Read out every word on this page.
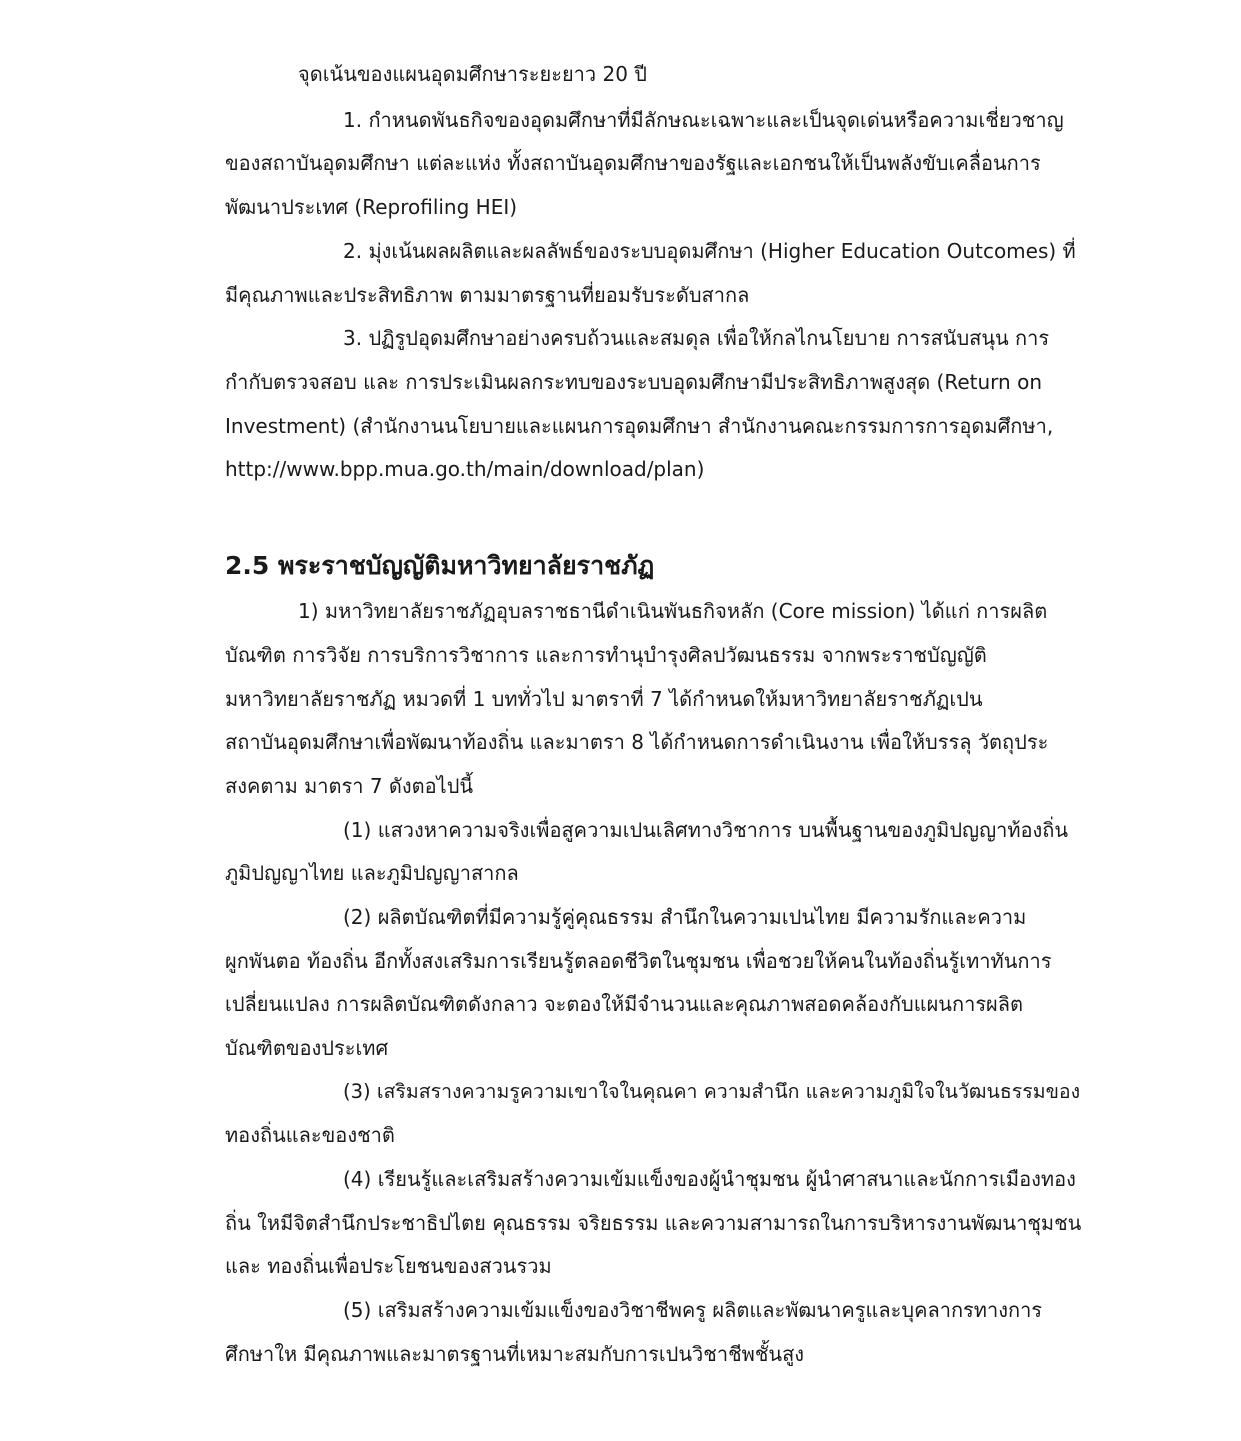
จุดเน้นของแผนอุดมศึกษาระยะยาว 20 ปี
1. กำหนดพันธกิจของอุดมศึกษาที่มีลักษณะเฉพาะและเป็นจุดเด่นหรือความเชี่ยวชาญ
ของสถาบันอุดมศึกษา แต่ละแห่ง ทั้งสถาบันอุดมศึกษาของรัฐและเอกชนให้เป็นพลังขับเคลื่อนการ
พัฒนาประเทศ (Reprofiling HEI)
2. มุ่งเน้นผลผลิตและผลลัพธ์ของระบบอุดมศึกษา (Higher Education Outcomes) ที่
มีคุณภาพและประสิทธิภาพ ตามมาตรฐานที่ยอมรับระดับสากล
3. ปฏิรูปอุดมศึกษาอย่างครบถ้วนและสมดุล เพื่อให้กลไกนโยบาย การสนับสนุน การ
กำกับตรวจสอบ และ การประเมินผลกระทบของระบบอุดมศึกษามีประสิทธิภาพสูงสุด (Return on
Investment) (สำนักงานนโยบายและแผนการอุดมศึกษา สำนักงานคณะกรรมการการอุดมศึกษา,
http://www.bpp.mua.go.th/main/download/plan)
2.5 พระราชบัญญัติมหาวิทยาลัยราชภัฏ
1) มหาวิทยาลัยราชภัฏอุบลราชธานีดำเนินพันธกิจหลัก (Core mission) ได้แก่ การผลิต
บัณฑิต การวิจัย การบริการวิชาการ และการทำนุบำรุงศิลปวัฒนธรรม จากพระราชบัญญัติ
มหาวิทยาลัยราชภัฏ หมวดที่ 1 บททั่วไป มาตราที่ 7 ได้กำหนดให้มหาวิทยาลัยราชภัฏเปน
สถาบันอุดมศึกษาเพื่อพัฒนาท้องถิ่น และมาตรา 8 ได้กำหนดการดำเนินงาน เพื่อให้บรรลุ วัตถุประ
สงคตาม มาตรา 7 ดังตอไปนี้
(1) แสวงหาความจริงเพื่อสูความเปนเลิศทางวิชาการ บนพื้นฐานของภูมิปญญาท้องถิ่น
ภูมิปญญาไทย และภูมิปญญาสากล
(2) ผลิตบัณฑิตที่มีความรู้คู่คุณธรรม สำนึกในความเปนไทย มีความรักและความ
ผูกพันตอ ท้องถิ่น อีกทั้งสงเสริมการเรียนรู้ตลอดชีวิตในชุมชน เพื่อชวยให้คนในท้องถิ่นรู้เทาทันการ
เปลี่ยนแปลง การผลิตบัณฑิตดังกลาว จะตองให้มีจำนวนและคุณภาพสอดคล้องกับแผนการผลิต
บัณฑิตของประเทศ
(3) เสริมสรางความรูความเขาใจในคุณคา ความสำนึก และความภูมิใจในวัฒนธรรมของ
ทองถิ่นและของชาติ
(4) เรียนรู้และเสริมสร้างความเข้มแข็งของผู้นำชุมชน ผู้นำศาสนาและนักการเมืองทอง
ถิ่น ใหมีจิตสำนึกประชาธิปไตย คุณธรรม จริยธรรม และความสามารถในการบริหารงานพัฒนาชุมชน
และ ทองถิ่นเพื่อประโยชนของสวนรวม
(5) เสริมสร้างความเข้มแข็งของวิชาชีพครู ผลิตและพัฒนาครูและบุคลากรทางการ
ศึกษาให มีคุณภาพและมาตรฐานที่เหมาะสมกับการเปนวิชาชีพชั้นสูง
